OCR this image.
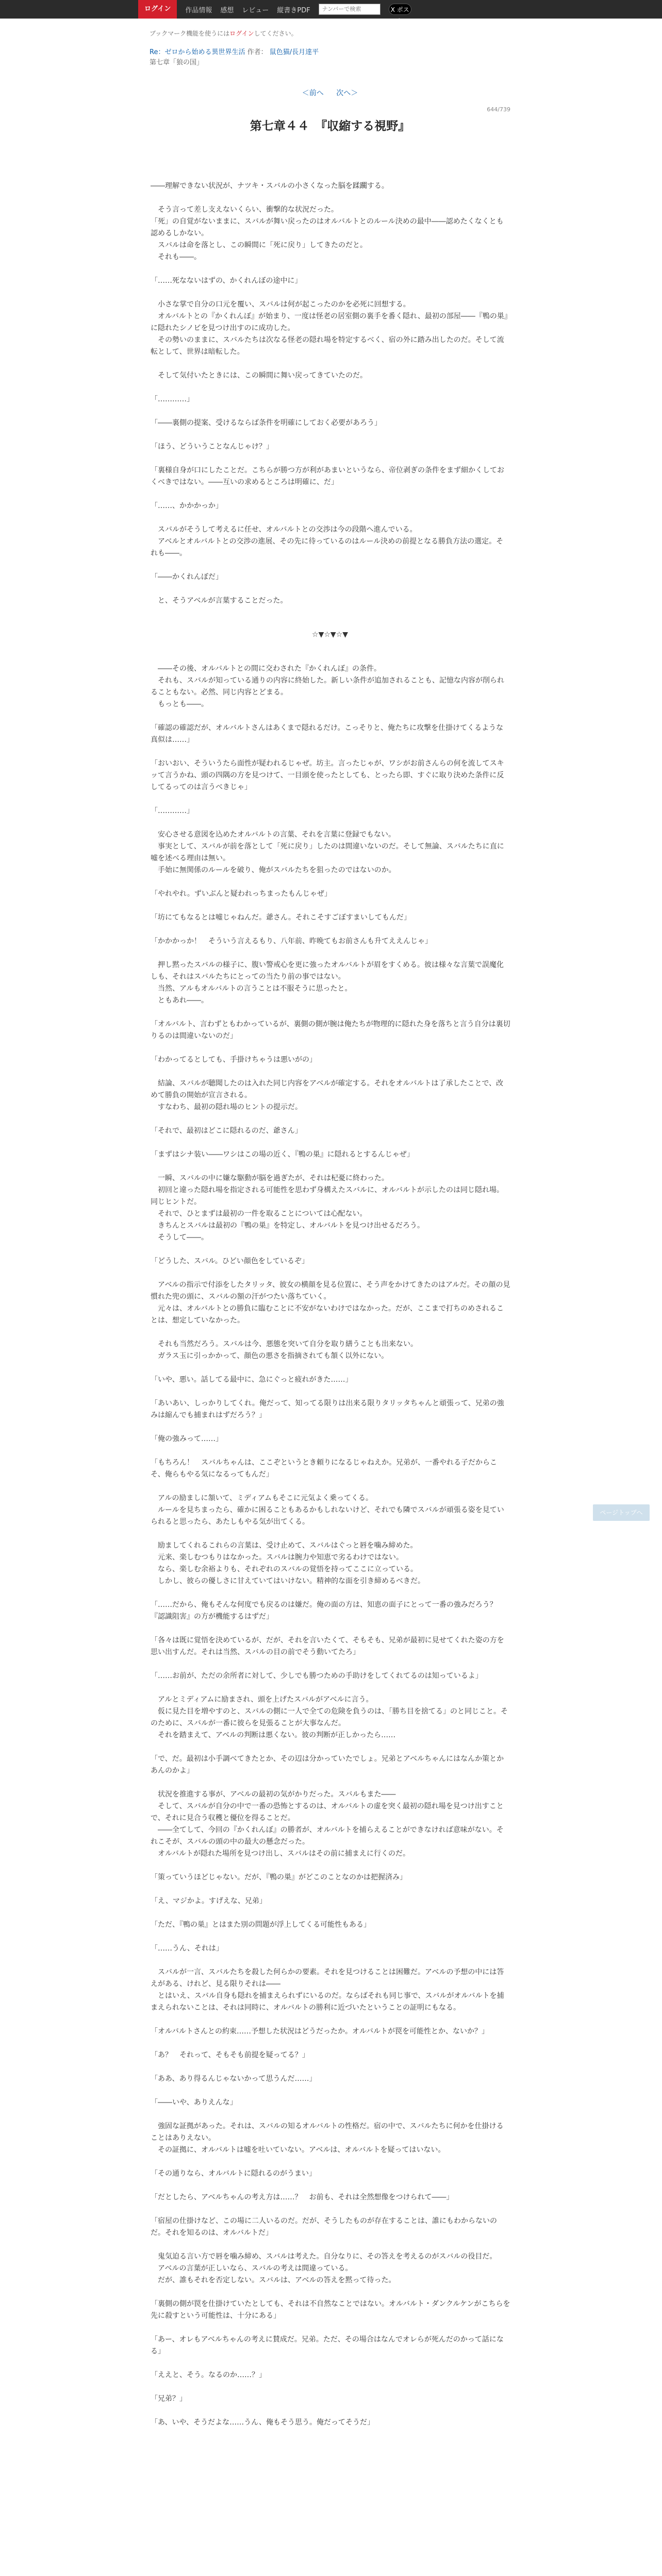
ログイン	作品情報 感想 レビュー 縦書きPDF
ナンバーで検索	X ポスト
ブックマーク機能を使うにはログインしてください。
Re：ゼロから始める異世界生活 作者： 鼠色猫/長月達平
第七章「狼の国」
＜前へ 次へ＞
644/739
第七章４４　『収縮する視野』

――理解できない状況が、ナツキ・スバルの小さくなった脳を蹂躙する。

　そう言って差し支えないくらい、衝撃的な状況だった。

「死」の自覚がないままに、スバルが舞い戻ったのはオルバルトとのルール決めの最中――認めたくなくとも認めるしかない。

　スバルは命を落とし、この瞬間に「死に戻り」してきたのだと。

　それも――。

「……死なないはずの、かくれんぼの途中に」

　小さな掌で自分の口元を覆い、スバルは何が起こったのかを必死に回想する。

　オルバルトとの『かくれんぼ』が始まり、一度は怪老の居室側の裏手を番く隠れ、最初の部屋――『鴨の巣』に隠れたシノビを見つけ出すのに成功した。

　その勢いのままに、スバルたちは次なる怪老の隠れ場を特定するべく、宿の外に踏み出したのだ。そして流転として、世界は暗転した。

　そして気付いたときには、この瞬間に舞い戻ってきていたのだ。

「…………」

「――裏側の提案、受けるならば条件を明確にしておく必要があろう」

「ほう、どういうことなんじゃけ？」

「裏様自身が口にしたことだ。こちらが勝つ方が利があまいというなら、帝位剥ぎの条件をまず細かくしておくべきではない。――互いの求めるところは明確に、だ」

「……、かかかっか」

　スバルがそうして考えるに任せ、オルバルトとの交渉は今の段階へ進んでいる。

　アベルとオルバルトとの交渉の進展、その先に待っているのはルール決めの前提となる勝負方法の選定。それも――。

「――かくれんぼだ」

　と、そうアベルが言葉することだった。

☆▼☆▼☆▼

　――その後、オルバルトとの間に交わされた『かくれんぼ』の条件。

　それも、スバルが知っている通りの内容に終始した。新しい条件が追加されることも、記憶な内容が削られることもない。必然、同じ内容とどまる。

　もっとも――。

「確認の確認だが、オルバルトさんはあくまで隠れるだけ。こっそりと、俺たちに攻撃を仕掛けてくるような真似は……」

「おいおい、そういうたら面性が疑われるじゃぜ。坊主。言ったじゃが、ワシがお前さんらの何を流してスキッて言うかね、頭の四隅の方を見つけて、一目頭を使ったとしても、とったら即、すぐに取り決めた条件に反してるってのは言うべきじゃ」

「…………」

　安心させる意図を込めたオルバルトの言葉、それを言葉に登録でもない。

　事実として、スバルが前を落として「死に戻り」したのは間違いないのだ。そして無論、スバルたちに直に嘘を述べる理由は無い。

　手始に無関係のルールを破り、俺がスバルたちを狙ったのではないのか。

「やれやれ。ずいぶんと疑われっちまったもんじゃぜ」

「坊にてもなるとは嘘じゃねんだ。爺さん。それこそすごぼすまいしてもんだ」

「かかかっか！　そういう言えるもり、八年前、昨晩てもお前さんも升てええんじゃ」

　押し黙ったスバルの様子に、腹い警戒心を更に強ったオルバルトが眉をすくめる。彼は様々な言葉で誤魔化しも、それはスバルたちにとっての当たり前の事ではない。

　当然、アルもオルバルトの言うことは不服そうに思ったと。

　ともあれ――。

「オルバルト、言わずともわかっているが、裏側の側が腕は俺たちが物理的に隠れた身を落ちと言う自分は裏切りるのは間違いないのだ」

「わかってるとしても、手掛けちゃうは悪いがの」

　結論、スバルが聴聞したのは入れた同じ内容をアベルが確定する。それをオルバルトは了承したことで、改めて勝負の開始が宣言される。

　すなわち、最初の隠れ場のヒントの提示だ。

「それで、最初はどこに隠れるのだ、爺さん」

「まずはシナ装い――ワシはこの場の近く、『鴨の巣』に隠れるとするんじゃぜ」

　一瞬、スバルの中に嫌な駆動が脳を過ぎたが、それは杞憂に終わった。

　初回と違った隠れ場を指定される可能性を思わず身構えたスバルに、オルバルトが示したのは同じ隠れ場。同じヒントだ。

　それで、ひとまずは最初の一件を取ることについては心配ない。

　きちんとスバルは最初の『鴨の巣』を特定し、オルバルトを見つけ出せるだろう。

　そうして――。

「どうした、スバル。ひどい顔色をしているぞ」

　アベルの指示で付添をしたタリッタ、彼女の横顔を見る位置に、そう声をかけてきたのはアルだ。その顔の見慣れた兜の頭に、スバルの額の汗がつたい落ちていく。

　元々は、オルバルトとの勝負に臨むことに不安がないわけではなかった。だが、ここまで打ちのめされることは、想定していなかった。

　それも当然だろう。スバルは今、悪態を突いて自分を取り繕うことも出来ない。

　ガラス玉に引っかかって、顔色の悪さを指摘されても頷く以外にない。

「いや、悪い。話してる最中に、急にぐっと疲れがきた……」

「あいあい、しっかりしてくれ。俺だって、知ってる限りは出来る限りタリッタちゃんと頑張って、兄弟の強みは縮んでも捕まれはずだろう？」

「俺の強みって……」

「もちろん！　スバルちゃんは、ここぞというとき頼りになるじゃねえか。兄弟が、一番やれる子だからこそ、俺らもやる気になるってもんだ」

　アルの励ましに頷いて、ミディアムもそこに元気よく乗ってくる。

　ルールを見ちまったら、確かに困ることもあるかもしれないけど、それでも隣でスバルが頑張る姿を見ていられると思ったら、あたしもやる気が出てくる。

　励ましてくれるこれらの言葉は、受け止めて、スバルはぐっと唇を噛み締めた。

　元来、楽しむつもりはなかった。スバルは腕力や知恵で劣るわけではない。

　なら、楽しむ余裕よりも、それぞれのスバルの覚悟を持ってここに立っている。

　しかし、彼らの優しさに甘えていてはいけない。精神的な面を引き締めるべきだ。

「……だから、俺もそんな何度でも戻るのは嫌だ。俺の面の方は、知恵の面子にとって一番の強みだろう？『認識阻害』の方が機能するはずだ」

「各々は既に覚悟を決めているが、だが、それを言いたくて、そもそも、兄弟が最初に見せてくれた姿の方を思い出すんだ。それは当然、スバルの目の前でそう動いてたろ」

「……お前が、ただの余所者に対して、少しでも勝つための手助けをしてくれてるのは知っているよ」

　アルとミディアムに励まされ、頭を上げたスバルがアベルに言う。

　仮に見た目を増やすのと、スバルの側に一人で全ての危険を負うのは、「勝ち目を捨てる」のと同じこと。そのために、スバルが一番に彼らを見張ることが大事なんだ。

　それを踏まえて、アベルの判断は悪くない。彼の判断が正しかったら……

「で、だ。最初は小手調べてきたとか、その辺は分かっていたでしょ。兄弟とアベルちゃんにはなんか策とかあんのかよ」

　状況を推進する事が、アベルの最初の気がかりだった。スバルもまた――

　そして、スバルが自分の中で一番の恐怖とするのは、オルバルトの虚を突く最初の隠れ場を見つけ出すことで、それに見合う収穫と優位を得ることだ。

　――全てして、今回の『かくれんぼ』の勝者が、オルバルトを捕らえることができなければ意味がない。それこそが、スバルの頭の中の最大の懸念だった。

　オルバルトが隠れた場所を見つけ出し、スバルはその前に捕まえに行くのだ。

「策っていうほどじゃない。だが、『鴨の巣』がどこのことなのかは把握済み」

「え、マジかよ。すげえな、兄弟」

「ただ、『鴨の巣』とはまた別の問題が浮上してくる可能性もある」

「……うん、それは」

　スバルが一言、スバルたちを殺した何らかの要素。それを見つけることは困難だ。アベルの予想の中には答えがある、けれど、見る限りそれは――

　とはいえ、スバル自身も隠れを捕まえられずにいるのだ。ならばそれも同じ事で、スバルがオルバルトを捕まえられないことは、それは同時に、オルバルトの勝利に近づいたということの証明にもなる。

「オルバルトさんとの約束……予想した状況はどうだったか。オルバルトが罠を可能性とか、ないか？」

「あ？　それって、そもそも前提を疑ってる？」

「ああ、あり得るんじゃないかって思うんだ……」

「――いや、ありえんな」

　強固な証拠があった。それは、スバルの知るオルバルトの性格だ。宿の中で、スバルたちに何かを仕掛けることはありえない。

　その証拠に、オルバルトは嘘を吐いていない。アベルは、オルバルトを疑ってはいない。

「その通りなら、オルバルトに隠れるのがうまい」

「だとしたら、アベルちゃんの考え方は……？　お前も、それは全然想像をつけられて――」

「宿屋の仕掛けなど、この場に二人いるのだ。だが、そうしたものが存在することは、誰にもわからないのだ。それを知るのは、オルバルトだ」

　鬼気迫る言い方で唇を噛み締め、スバルは考えた。自分なりに、その答えを考えるのがスバルの役目だ。

　アベルの言葉が正しいなら、スバルの考えは間違っている。

　だが、誰もそれを否定しない。スバルは、アベルの答えを黙って待った。

「裏側の側が罠を仕掛けていたとしても、それは不自然なことではない。オルバルト・ダンクルケンがこちらを先に殺すという可能性は、十分にある」

「あー、オレもアベルちゃんの考えに賛成だ。兄弟。ただ、その場合はなんでオレらが死んだのかって話になる」

「ええと、そう。なるのか……？」

「兄弟？」

「あ、いや、そうだよな……うん、俺もそう思う。俺だってそうだ」

ページトップへ
